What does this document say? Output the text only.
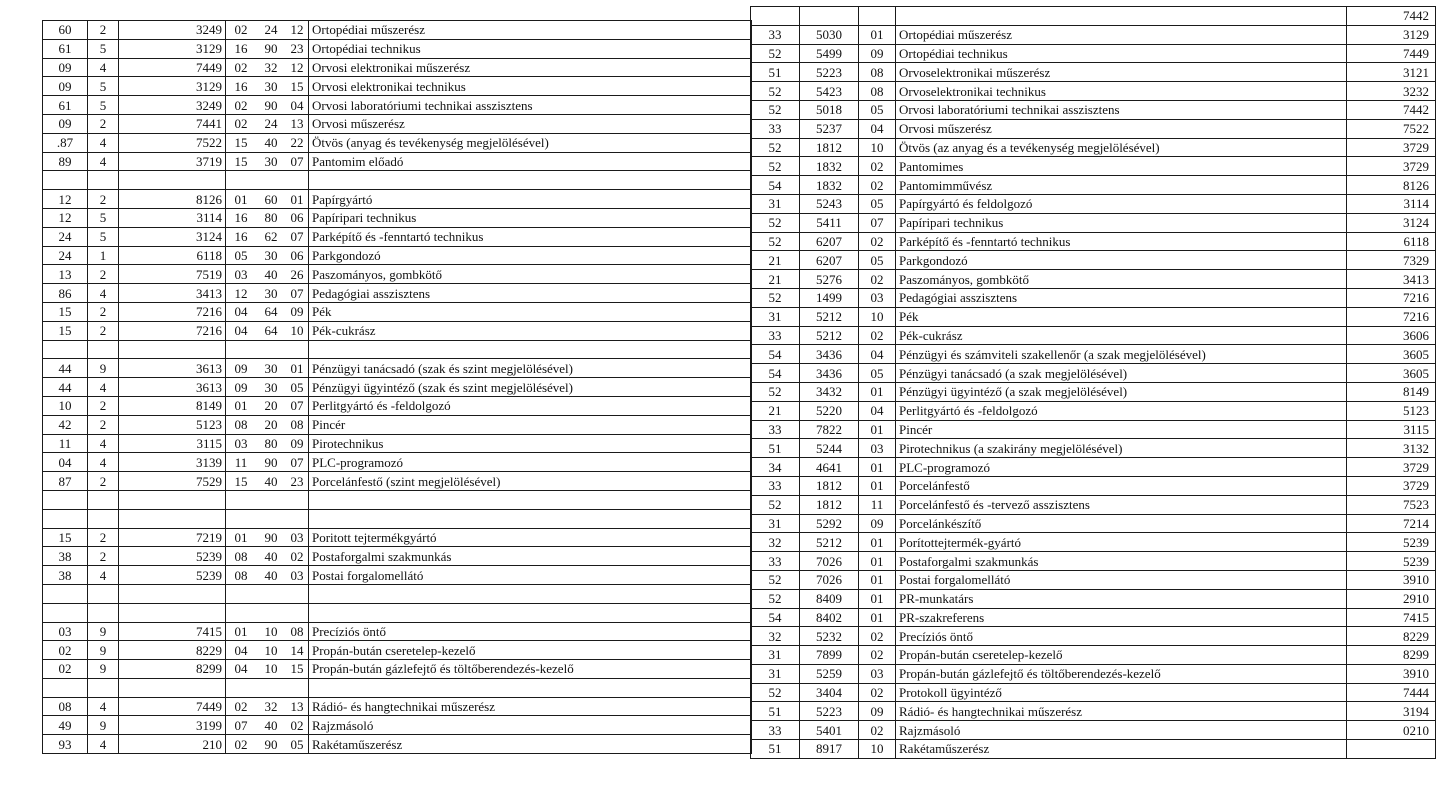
60	2	3249	02	24	12	Ortopédiai műszerész
61	5	3129	16	90	23	Ortopédiai technikus
09	4	7449	02	32	12	Orvosi elektronikai műszerész
09	5	3129	16	30	15	Orvosi elektronikai technikus
61	5	3249	02	90	04	Orvosi laboratóriumi technikai asszisztens
09	2	7441	02	24	13	Orvosi műszerész
.87	4	7522	15	40	22	Ötvös (anyag és tevékenység megjelölésével)
89	4	3719	15	30	07	Pantomim előadó

12	2	8126	01	60	01	Papírgyártó
12	5	3114	16	80	06	Papíripari technikus
24	5	3124	16	62	07	Parképítő és -fenntartó technikus
24	1	6118	05	30	06	Parkgondozó
13	2	7519	03	40	26	Paszományos, gombkötő
86	4	3413	12	30	07	Pedagógiai asszisztens
15	2	7216	04	64	09	Pék
15	2	7216	04	64	10	Pék-cukrász

44	9	3613	09	30	01	Pénzügyi tanácsadó (szak és szint megjelölésével)
44	4	3613	09	30	05	Pénzügyi ügyintéző (szak és szint megjelölésével)
10	2	8149	01	20	07	Perlitgyártó és -feldolgozó
42	2	5123	08	20	08	Pincér
11	4	3115	03	80	09	Pirotechnikus
04	4	3139	11	90	07	PLC-programozó
87	2	7529	15	40	23	Porcelánfestő (szint megjelölésével)

15	2	7219	01	90	03	Poritott tejtermékgyártó
38	2	5239	08	40	02	Postaforgalmi szakmunkás
38	4	5239	08	40	03	Postai forgalomellátó

03	9	7415	01	10	08	Precíziós öntő
02	9	8229	04	10	14	Propán-bután cseretelep-kezelő
02	9	8299	04	10	15	Propán-bután gázlefejtő és töltőberendezés-kezelő

08	4	7449	02	32	13	Rádió- és hangtechnikai műszerész
49	9	3199	07	40	02	Rajzmásoló
93	4	210	02	90	05	Rakétaműszerész
				7442
33	5030	01	Ortopédiai műszerész	3129
52	5499	09	Ortopédiai technikus	7449
51	5223	08	Orvoselektronikai műszerész	3121
52	5423	08	Orvoselektronikai technikus	3232
52	5018	05	Orvosi laboratóriumi technikai asszisztens	7442
33	5237	04	Orvosi műszerész	7522
52	1812	10	Ötvös (az anyag és a tevékenység megjelölésével)	3729
52	1832	02	Pantomimes	3729
54	1832	02	Pantomimművész	8126
31	5243	05	Papírgyártó és feldolgozó	3114
52	5411	07	Papíripari technikus	3124
52	6207	02	Parképítő és -fenntartó technikus	6118
21	6207	05	Parkgondozó	7329
21	5276	02	Paszományos, gombkötő	3413
52	1499	03	Pedagógiai asszisztens	7216
31	5212	10	Pék	7216
33	5212	02	Pék-cukrász	3606
54	3436	04	Pénzügyi és számviteli szakellenőr (a szak megjelölésével)	3605
54	3436	05	Pénzügyi tanácsadó (a szak megjelölésével)	3605
52	3432	01	Pénzügyi ügyintéző (a szak megjelölésével)	8149
21	5220	04	Perlitgyártó és -feldolgozó	5123
33	7822	01	Pincér	3115
51	5244	03	Pirotechnikus (a szakirány megjelölésével)	3132
34	4641	01	PLC-programozó	3729
33	1812	01	Porcelánfestő	3729
52	1812	11	Porcelánfestő és -tervező asszisztens	7523
31	5292	09	Porcelánkészítő	7214
32	5212	01	Porítottejtermék-gyártó	5239
33	7026	01	Postaforgalmi szakmunkás	5239
52	7026	01	Postai forgalomellátó	3910
52	8409	01	PR-munkatárs	2910
54	8402	01	PR-szakreferens	7415
32	5232	02	Precíziós öntő	8229
31	7899	02	Propán-bután cseretelep-kezelő	8299
31	5259	03	Propán-bután gázlefejtő és töltőberendezés-kezelő	3910
52	3404	02	Protokoll ügyintéző	7444
51	5223	09	Rádió- és hangtechnikai műszerész	3194
33	5401	02	Rajzmásoló	0210
51	8917	10	Rakétaműszerész	
